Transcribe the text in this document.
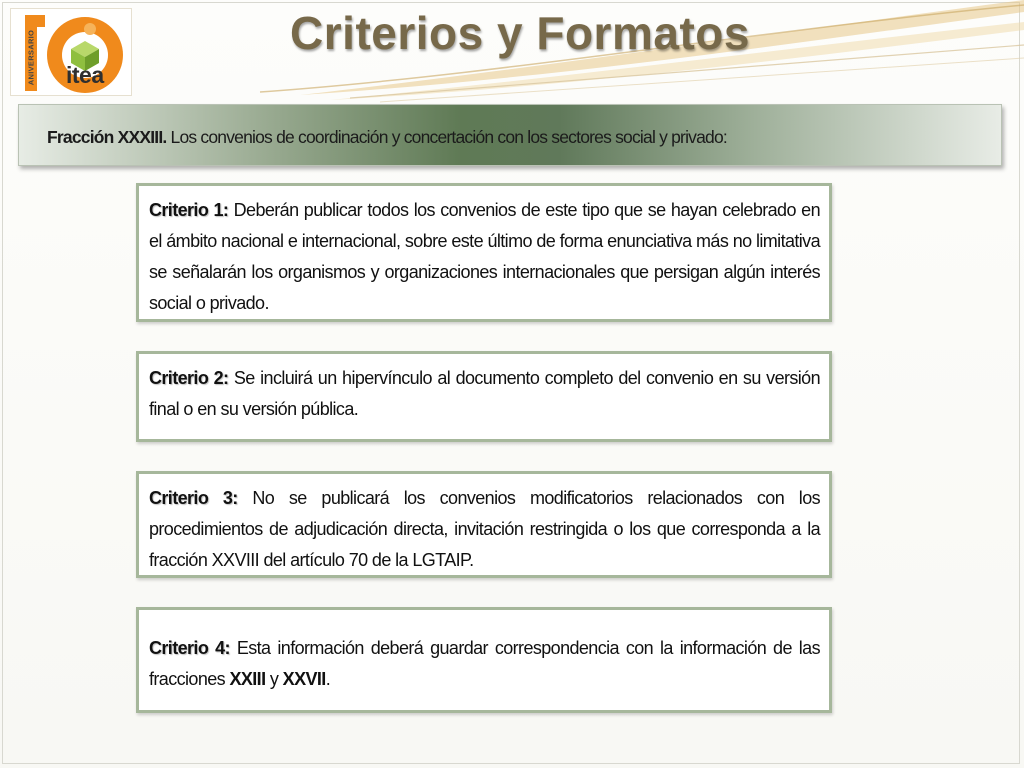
ANIVERSARIO itea
Criterios y Formatos
Fracción XXXIII. Los convenios de coordinación y concertación con los sectores social y privado:

Criterio 1: Deberán publicar todos los convenios de este tipo que se hayan celebrado en el ámbito nacional e internacional, sobre este último de forma enunciativa más no limitativa se señalarán los organismos y organizaciones internacionales que persigan algún interés social o privado.

Criterio 2: Se incluirá un hipervínculo al documento completo del convenio en su versión final o en su versión pública.

Criterio 3: No se publicará los convenios modificatorios relacionados con los procedimientos de adjudicación directa, invitación restringida o los que corresponda a la fracción XXVIII del artículo 70 de la LGTAIP.

Criterio 4: Esta información deberá guardar correspondencia con la información de las fracciones XXIII y XXVII.
